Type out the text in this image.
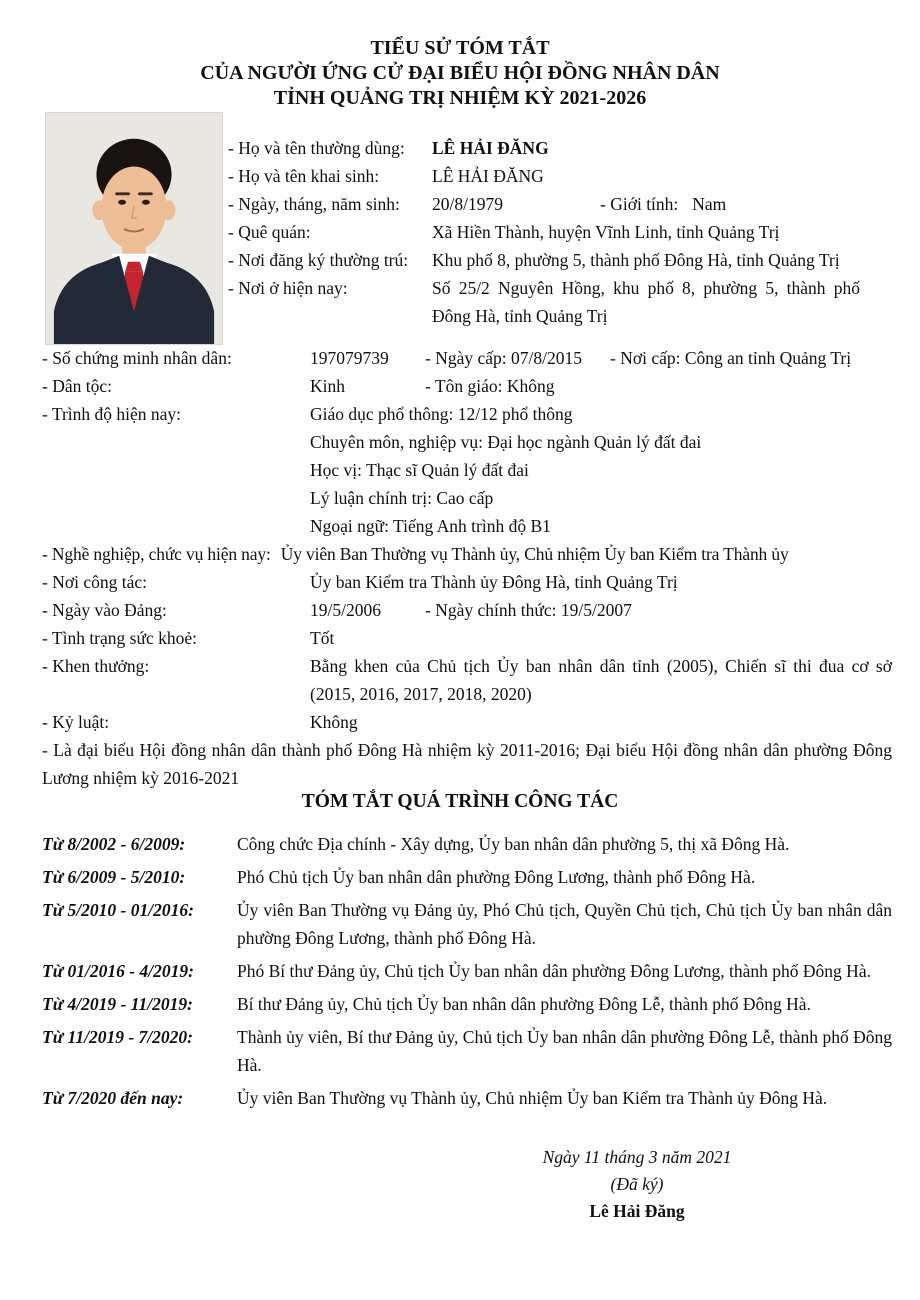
TIỂU SỬ TÓM TẮT
CỦA NGƯỜI ỨNG CỬ ĐẠI BIỂU HỘI ĐỒNG NHÂN DÂN
TỈNH QUẢNG TRỊ NHIỆM KỲ 2021-2026
- Họ và tên thường dùng:	LÊ HẢI ĐĂNG
- Họ và tên khai sinh:	LÊ HẢI ĐĂNG
- Ngày, tháng, năm sinh:	20/8/1979	- Giới tính: Nam
- Quê quán:	Xã Hiền Thành, huyện Vĩnh Linh, tỉnh Quảng Trị
- Nơi đăng ký thường trú:	Khu phố 8, phường 5, thành phố Đông Hà, tỉnh Quảng Trị
- Nơi ở hiện nay:	Số 25/2 Nguyên Hồng, khu phố 8, phường 5, thành phố Đông Hà, tỉnh Quảng Trị
- Số chứng minh nhân dân:	197079739	- Ngày cấp: 07/8/2015	- Nơi cấp: Công an tỉnh Quảng Trị
- Dân tộc:	Kinh	- Tôn giáo: Không
- Trình độ hiện nay:	Giáo dục phổ thông: 12/12 phổ thông
Chuyên môn, nghiệp vụ: Đại học ngành Quản lý đất đai
Học vị: Thạc sĩ Quản lý đất đai
Lý luận chính trị: Cao cấp
Ngoại ngữ: Tiếng Anh trình độ B1
- Nghề nghiệp, chức vụ hiện nay: Ủy viên Ban Thường vụ Thành ủy, Chủ nhiệm Ủy ban Kiểm tra Thành ủy
- Nơi công tác:	Ủy ban Kiểm tra Thành ủy Đông Hà, tỉnh Quảng Trị
- Ngày vào Đảng:	19/5/2006	- Ngày chính thức: 19/5/2007
- Tình trạng sức khoẻ:	Tốt
- Khen thưởng:	Bằng khen của Chủ tịch Ủy ban nhân dân tỉnh (2005), Chiến sĩ thi đua cơ sở (2015, 2016, 2017, 2018, 2020)
- Kỷ luật:	Không
- Là đại biểu Hội đồng nhân dân thành phố Đông Hà nhiệm kỳ 2011-2016; Đại biểu Hội đồng nhân dân phường Đông Lương nhiệm kỳ 2016-2021
TÓM TẮT QUÁ TRÌNH CÔNG TÁC
Từ 8/2002 - 6/2009:	Công chức Địa chính - Xây dựng, Ủy ban nhân dân phường 5, thị xã Đông Hà.
Từ 6/2009 - 5/2010:	Phó Chủ tịch Ủy ban nhân dân phường Đông Lương, thành phố Đông Hà.
Từ 5/2010 - 01/2016:	Ủy viên Ban Thường vụ Đảng ủy, Phó Chủ tịch, Quyền Chủ tịch, Chủ tịch Ủy ban nhân dân phường Đông Lương, thành phố Đông Hà.
Từ 01/2016 - 4/2019:	Phó Bí thư Đảng ủy, Chủ tịch Ủy ban nhân dân phường Đông Lương, thành phố Đông Hà.
Từ 4/2019 - 11/2019:	Bí thư Đảng ủy, Chủ tịch Ủy ban nhân dân phường Đông Lễ, thành phố Đông Hà.
Từ 11/2019 - 7/2020:	Thành ủy viên, Bí thư Đảng ủy, Chủ tịch Ủy ban nhân dân phường Đông Lễ, thành phố Đông Hà.
Từ 7/2020 đến nay:	Ủy viên Ban Thường vụ Thành ủy, Chủ nhiệm Ủy ban Kiểm tra Thành ủy Đông Hà.
Ngày 11 tháng 3 năm 2021
(Đã ký)
Lê Hải Đăng
